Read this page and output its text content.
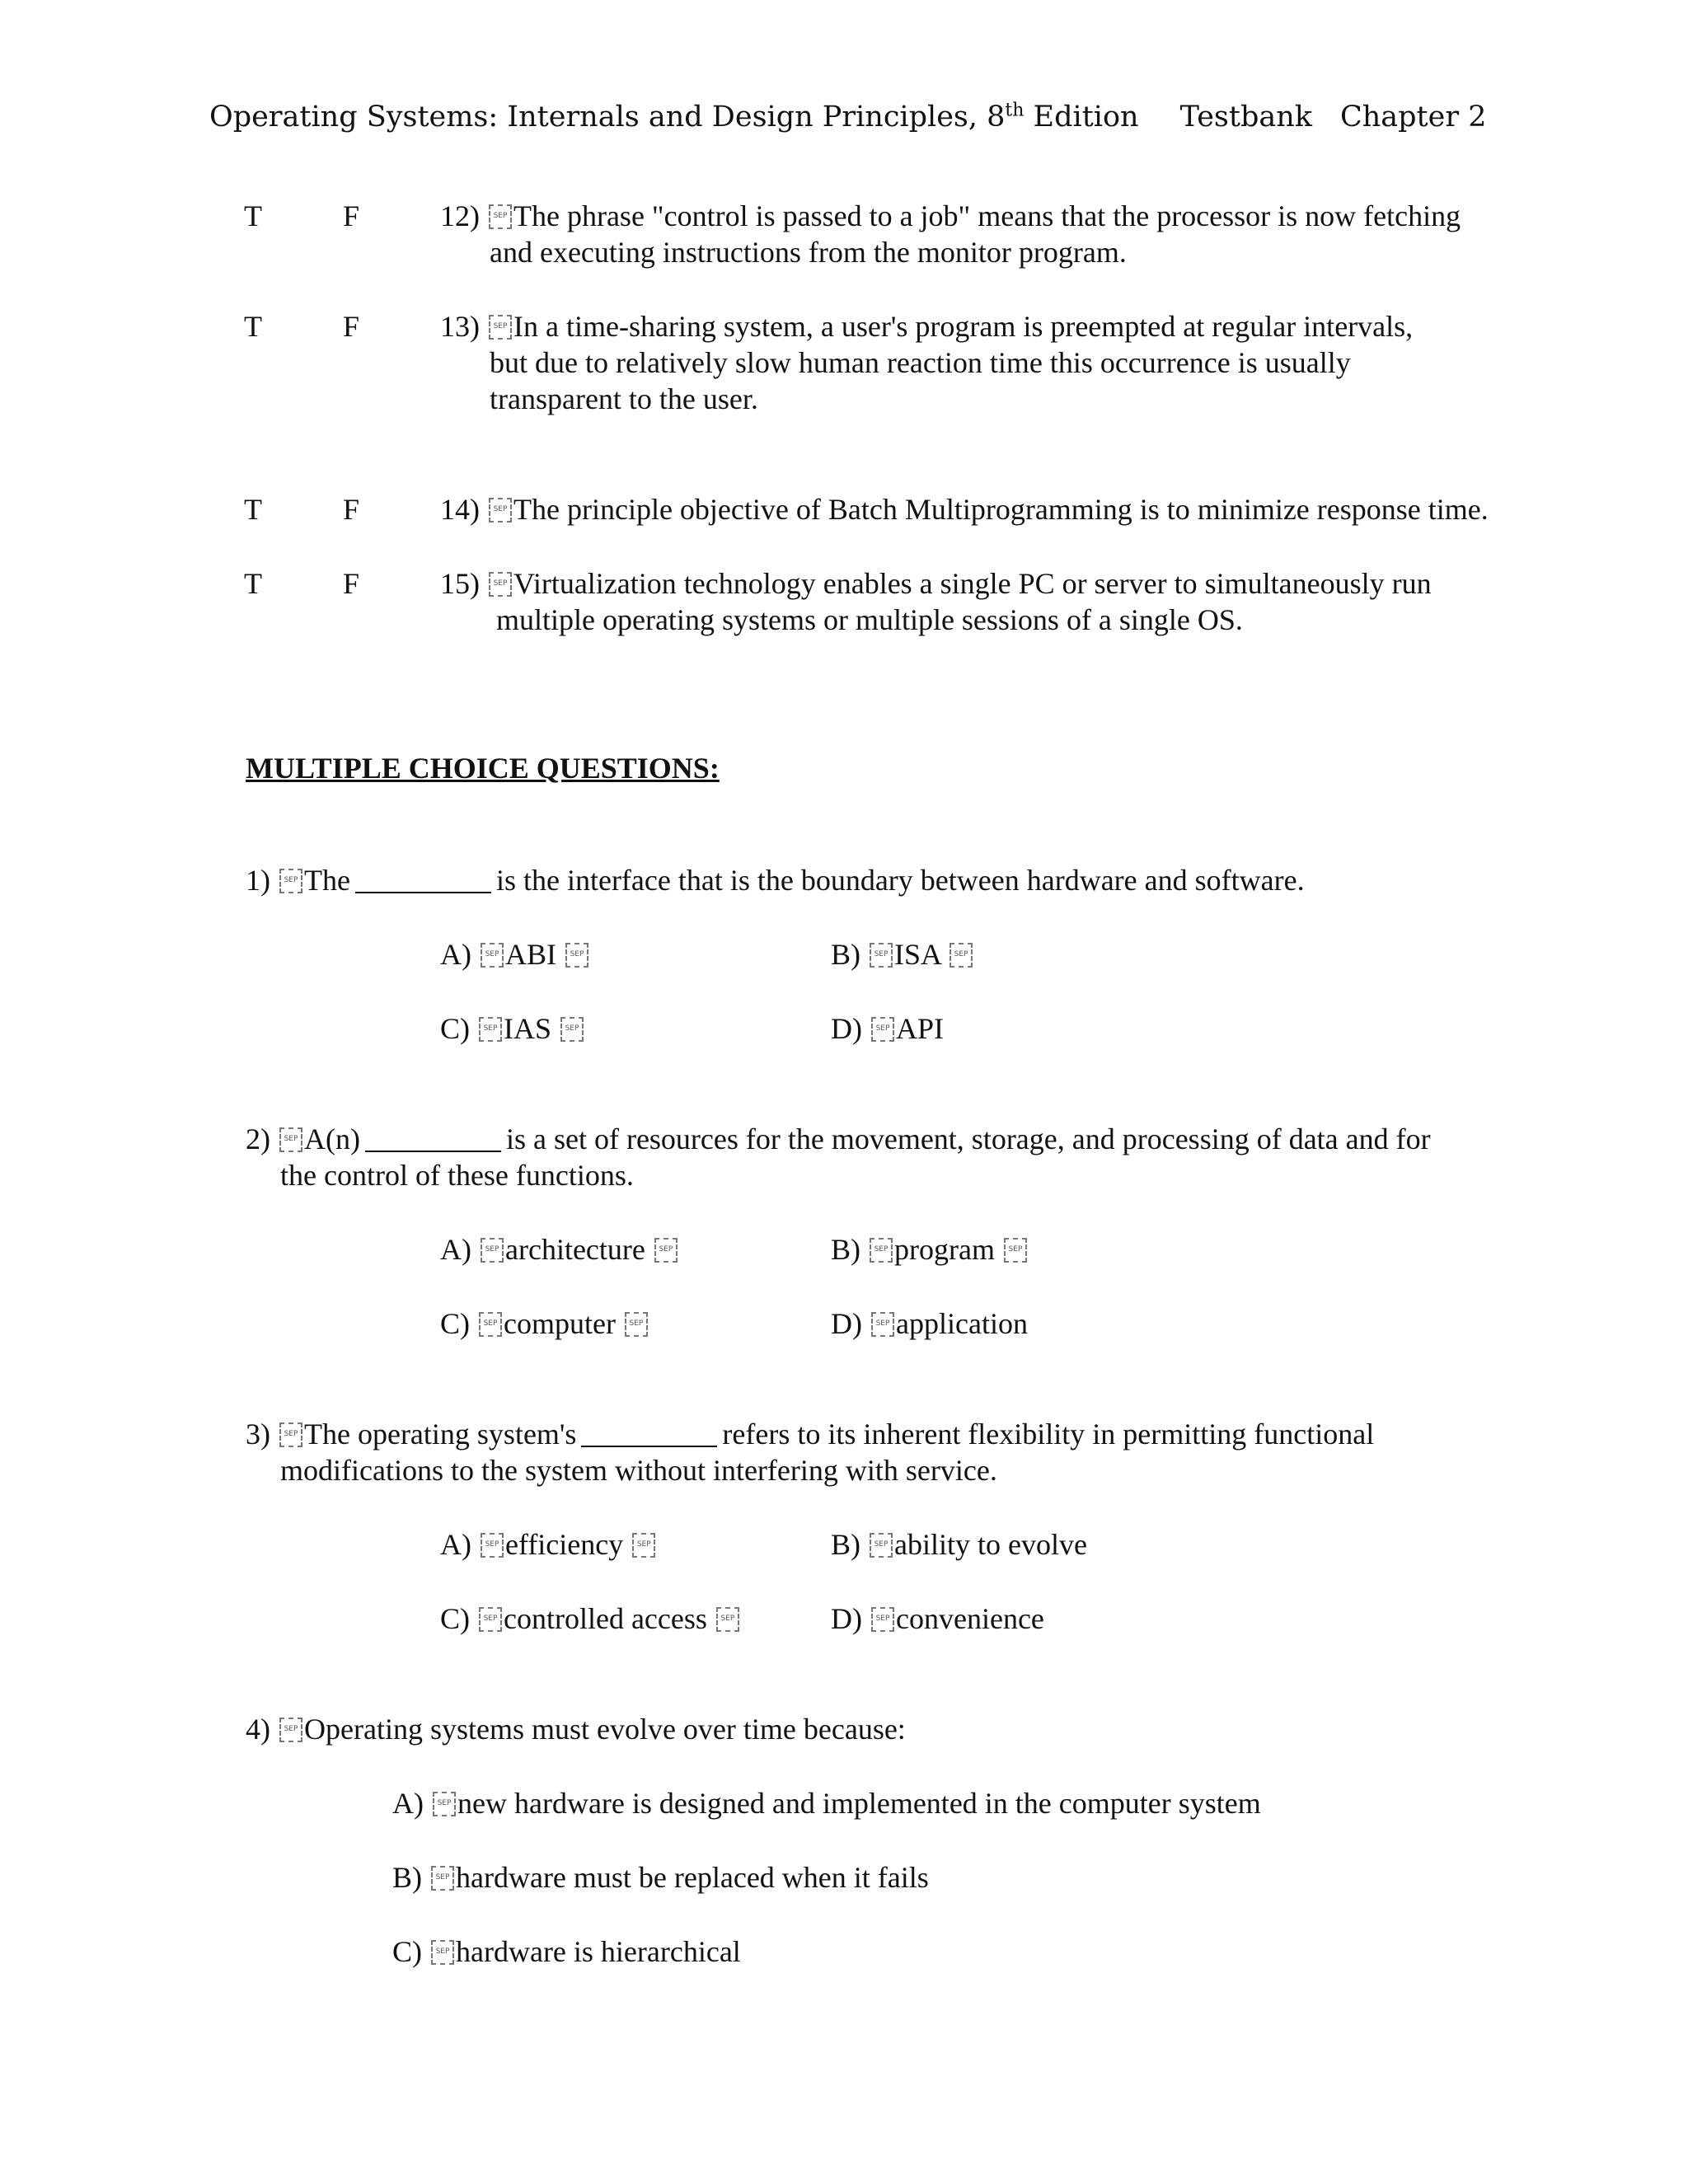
Operating Systems: Internals and Design Principles, 8th Edition Testbank Chapter 2
T	F	12) SEP The phrase "control is passed to a job" means that the processor is now fetching
and executing instructions from the monitor program.
T	F	13) SEP In a time-sharing system, a user's program is preempted at regular intervals,
but due to relatively slow human reaction time this occurrence is usually
transparent to the user.
T	F	14) SEP The principle objective of Batch Multiprogramming is to minimize response time.
T	F	15) SEP Virtualization technology enables a single PC or server to simultaneously run
multiple operating systems or multiple sessions of a single OS.
MULTIPLE CHOICE QUESTIONS:
1) SEP The	is the interface that is the boundary between hardware and software.
A) SEP ABI SEP	B) SEP ISA SEP
C) SEP IAS SEP	D) SEP API
2) SEP A(n)	is a set of resources for the movement, storage, and processing of data and for
the control of these functions.
A) SEP architecture SEP	B) SEP program SEP
C) SEP computer SEP	D) SEP application
3) SEP The operating system's	refers to its inherent flexibility in permitting functional
modifications to the system without interfering with service.
A) SEP efficiency SEP	B) SEP ability to evolve
C) SEP controlled access SEP	D) SEP convenience
4) SEP Operating systems must evolve over time because:
A) SEP new hardware is designed and implemented in the computer system
B) SEP hardware must be replaced when it fails
C) SEP hardware is hierarchical
